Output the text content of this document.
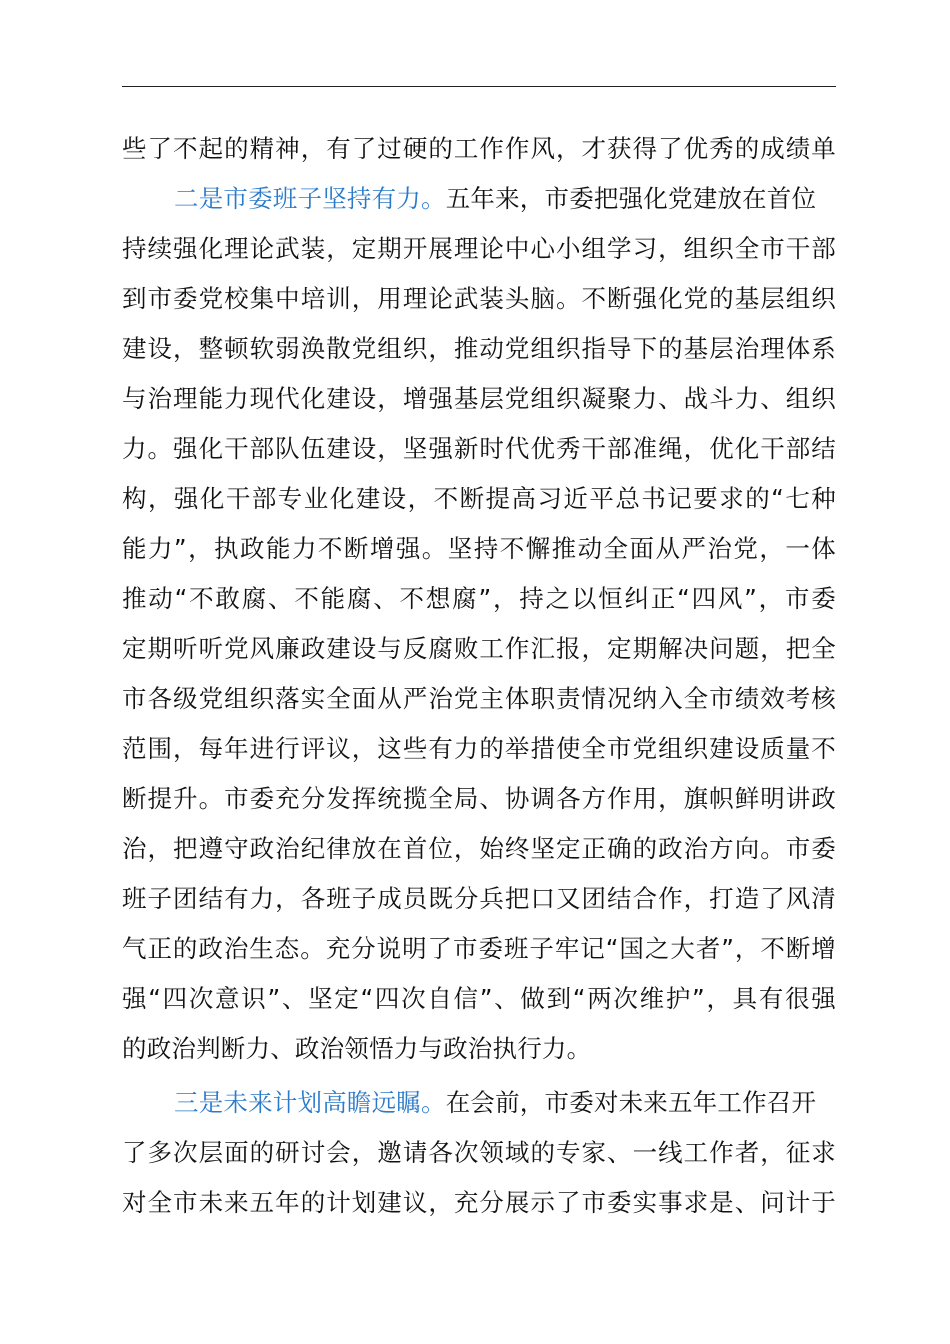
些了不起的精神，有了过硬的工作作风，才获得了优秀的成绩单
二是市委班子坚持有力。五年来，市委把强化党建放在首位
持续强化理论武装，定期开展理论中心小组学习，组织全市干部
到市委党校集中培训，用理论武装头脑。不断强化党的基层组织
建设，整顿软弱涣散党组织，推动党组织指导下的基层治理体系
与治理能力现代化建设，增强基层党组织凝聚力、战斗力、组织
力。强化干部队伍建设，坚强新时代优秀干部准绳，优化干部结
构，强化干部专业化建设，不断提高习近平总书记要求的“七种
能力”，执政能力不断增强。坚持不懈推动全面从严治党，一体
推动“不敢腐、不能腐、不想腐”，持之以恒纠正“四风”，市委
定期听听党风廉政建设与反腐败工作汇报，定期解决问题，把全
市各级党组织落实全面从严治党主体职责情况纳入全市绩效考核
范围，每年进行评议，这些有力的举措使全市党组织建设质量不
断提升。市委充分发挥统揽全局、协调各方作用，旗帜鲜明讲政
治，把遵守政治纪律放在首位，始终坚定正确的政治方向。市委
班子团结有力，各班子成员既分兵把口又团结合作，打造了风清
气正的政治生态。充分说明了市委班子牢记“国之大者”，不断增
强“四次意识”、坚定“四次自信”、做到“两次维护”，具有很强
的政治判断力、政治领悟力与政治执行力。
三是未来计划高瞻远瞩。在会前，市委对未来五年工作召开
了多次层面的研讨会，邀请各次领域的专家、一线工作者，征求
对全市未来五年的计划建议，充分展示了市委实事求是、问计于
